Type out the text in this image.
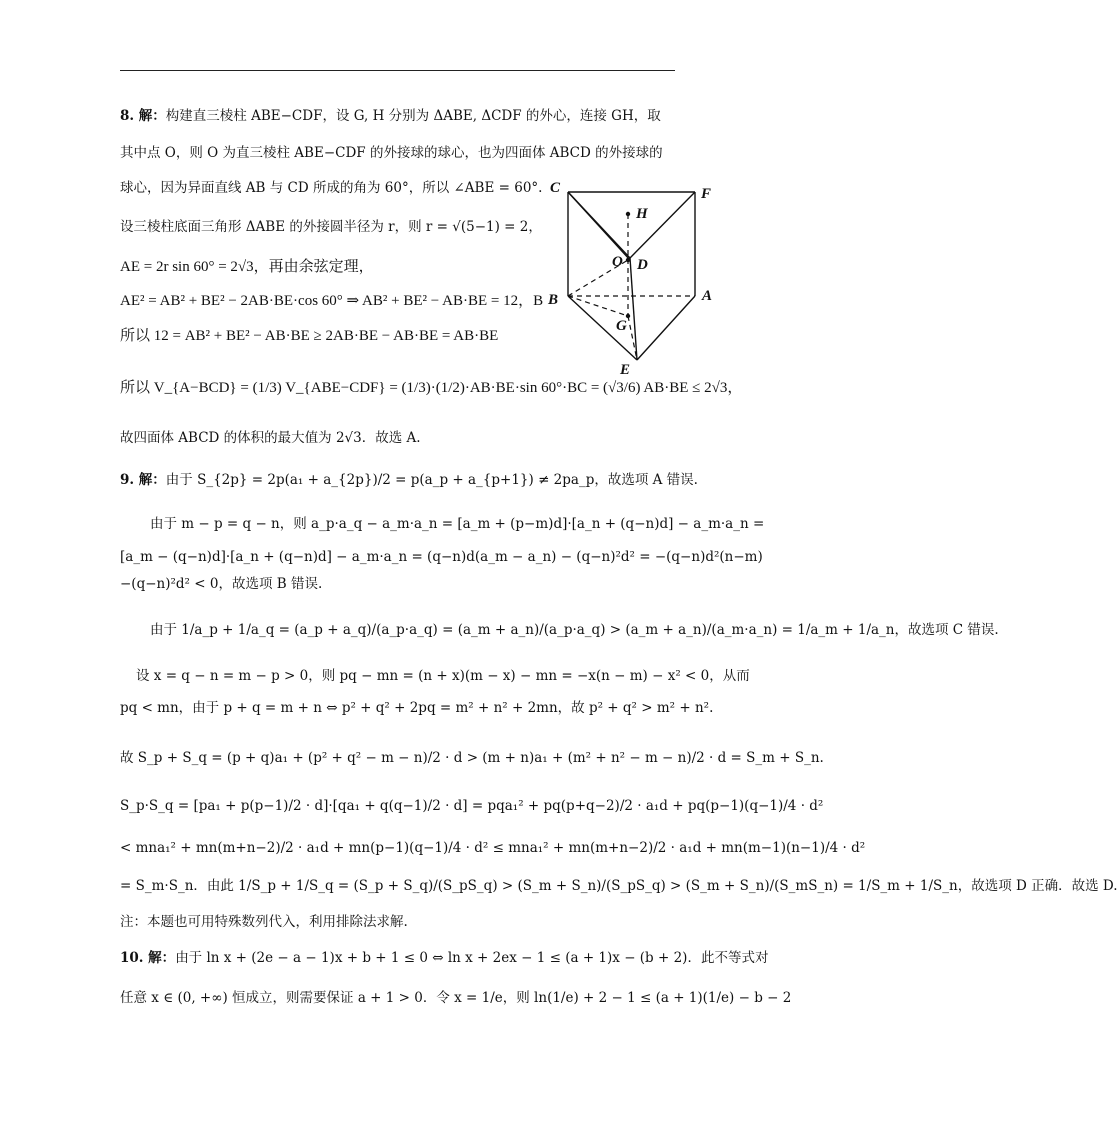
8. 解：构建直三棱柱 ABE−CDF，设 G, H 分别为 ΔABE, ΔCDF 的外心，连接 GH，取
其中点 O，则 O 为直三棱柱 ABE−CDF 的外接球的球心，也为四面体 ABCD 的外接球的
球心，因为异面直线 AB 与 CD 所成的角为 60°，所以 ∠ABE = 60°.
设三棱柱底面三角形 ΔABE 的外接圆半径为 r，则 r = √(5−1) = 2，
AE = 2r sin 60° = 2√3，再由余弦定理，
AE² = AB² + BE² − 2AB·BE·cos 60° ⇒ AB² + BE² − AB·BE = 12，B
所以 12 = AB² + BE² − AB·BE ≥ 2AB·BE − AB·BE = AB·BE
所以 V_{A−BCD} = (1/3) V_{ABE−CDF} = (1/3)·(1/2)·AB·BE·sin 60°·BC = (√3/6) AB·BE ≤ 2√3，
故四面体 ABCD 的体积的最大值为 2√3．故选 A.
9. 解：由于 S_{2p} = 2p(a₁ + a_{2p})/2 = p(a_p + a_{p+1}) ≠ 2pa_p，故选项 A 错误.
由于 m − p = q − n，则 a_p·a_q − a_m·a_n = [a_m + (p−m)d]·[a_n + (q−n)d] − a_m·a_n =
[a_m − (q−n)d]·[a_n + (q−n)d] − a_m·a_n = (q−n)d(a_m − a_n) − (q−n)²d² = −(q−n)d²(n−m)
−(q−n)²d² < 0，故选项 B 错误.
由于 1/a_p + 1/a_q = (a_p + a_q)/(a_p·a_q) = (a_m + a_n)/(a_p·a_q) > (a_m + a_n)/(a_m·a_n) = 1/a_m + 1/a_n，故选项 C 错误.
设 x = q − n = m − p > 0，则 pq − mn = (n + x)(m − x) − mn = −x(n − m) − x² < 0，从而
pq < mn，由于 p + q = m + n ⇔ p² + q² + 2pq = m² + n² + 2mn，故 p² + q² > m² + n².
故 S_p + S_q = (p + q)a₁ + (p² + q² − m − n)/2 · d > (m + n)a₁ + (m² + n² − m − n)/2 · d = S_m + S_n.
S_p·S_q = [pa₁ + p(p−1)/2 · d]·[qa₁ + q(q−1)/2 · d] = pqa₁² + pq(p+q−2)/2 · a₁d + pq(p−1)(q−1)/4 · d²
< mna₁² + mn(m+n−2)/2 · a₁d + mn(p−1)(q−1)/4 · d² ≤ mna₁² + mn(m+n−2)/2 · a₁d + mn(m−1)(n−1)/4 · d²
= S_m·S_n．由此 1/S_p + 1/S_q = (S_p + S_q)/(S_pS_q) > (S_m + S_n)/(S_pS_q) > (S_m + S_n)/(S_mS_n) = 1/S_m + 1/S_n，故选项 D 正确．故选 D.
注：本题也可用特殊数列代入，利用排除法求解.
10. 解：由于 ln x + (2e − a − 1)x + b + 1 ≤ 0 ⇔ ln x + 2ex − 1 ≤ (a + 1)x − (b + 2)．此不等式对
任意 x ∈ (0, +∞) 恒成立，则需要保证 a + 1 > 0．令 x = 1/e，则 ln(1/e) + 2 − 1 ≤ (a + 1)(1/e) − b − 2
C	F
H
O D
B	A
G
E
